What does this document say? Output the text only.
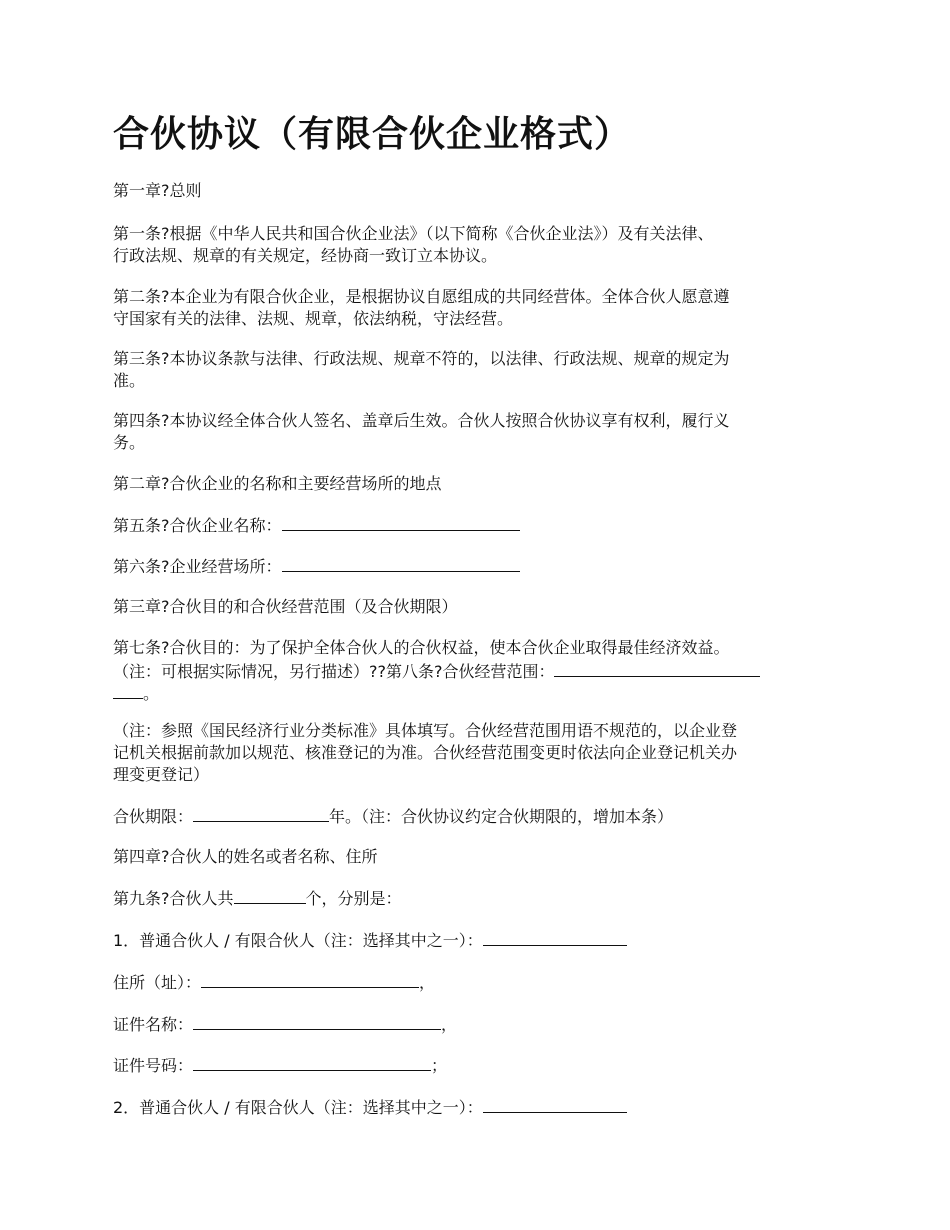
合伙协议（有限合伙企业格式）

第一章?总则

第一条?根据《中华人民共和国合伙企业法》（以下简称《合伙企业法》）及有关法律、

行政法规、规章的有关规定，经协商一致订立本协议。

第二条?本企业为有限合伙企业，是根据协议自愿组成的共同经营体。全体合伙人愿意遵

守国家有关的法律、法规、规章，依法纳税，守法经营。

第三条?本协议条款与法律、行政法规、规章不符的，以法律、行政法规、规章的规定为

准。

第四条?本协议经全体合伙人签名、盖章后生效。合伙人按照合伙协议享有权利，履行义

务。

第二章?合伙企业的名称和主要经营场所的地点

第五条?合伙企业名称：

第六条?企业经营场所：

第三章?合伙目的和合伙经营范围（及合伙期限）

第七条?合伙目的：为了保护全体合伙人的合伙权益，使本合伙企业取得最佳经济效益。

（注：可根据实际情况，另行描述）??第八条?合伙经营范围：

。

（注：参照《国民经济行业分类标准》具体填写。合伙经营范围用语不规范的，以企业登

记机关根据前款加以规范、核准登记的为准。合伙经营范围变更时依法向企业登记机关办

理变更登记）

合伙期限：	年。（注：合伙协议约定合伙期限的，增加本条）

第四章?合伙人的姓名或者名称、住所

第九条?合伙人共	个，分别是：

1．普通合伙人 / 有限合伙人（注：选择其中之一）：

住所（址）：	，

证件名称：	，

证件号码：	；

2．普通合伙人 / 有限合伙人（注：选择其中之一）：
